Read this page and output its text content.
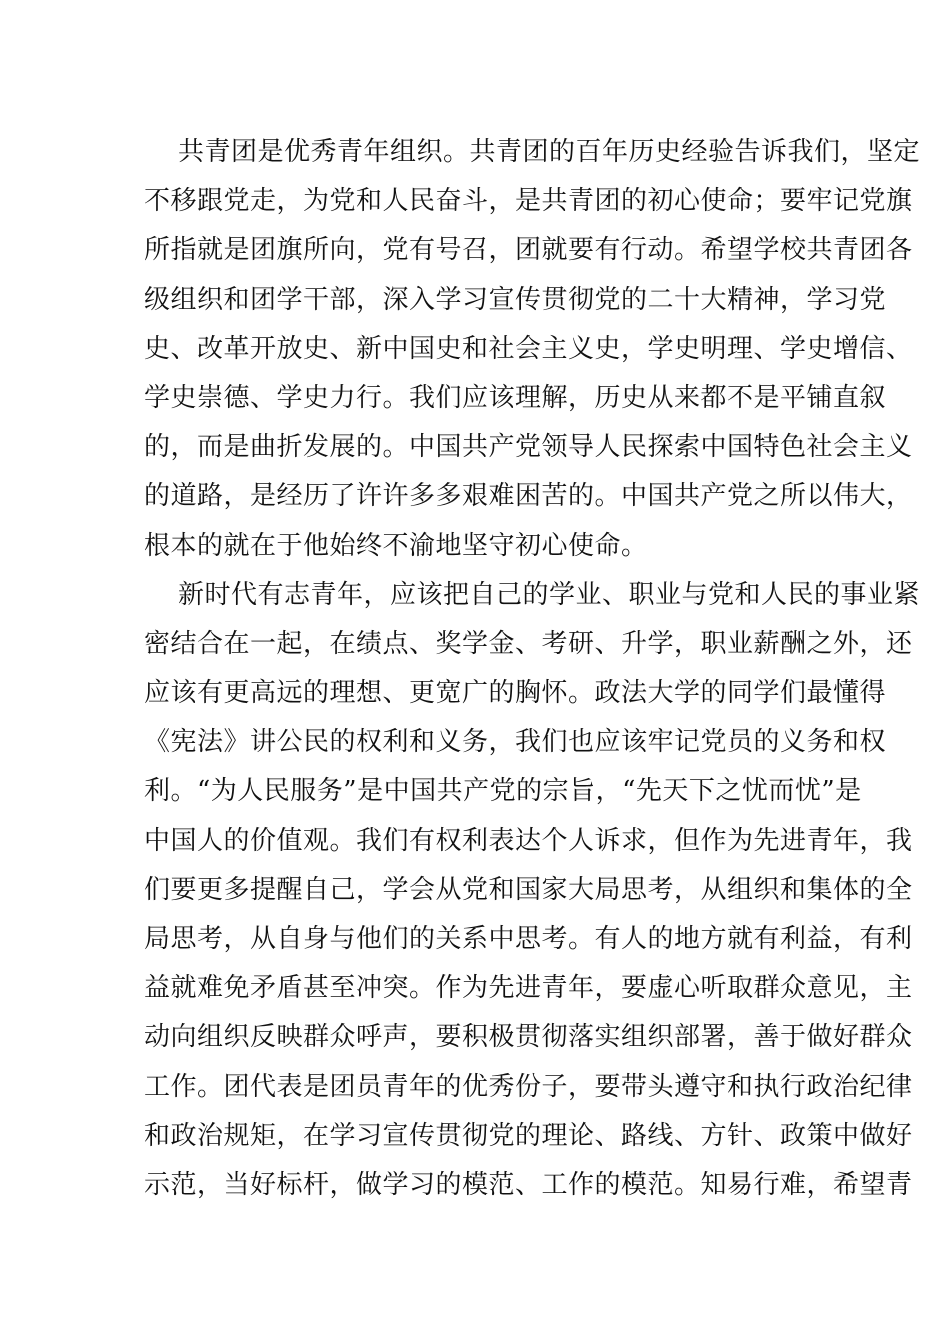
共青团是优秀青年组织。共青团的百年历史经验告诉我们，坚定
不移跟党走，为党和人民奋斗，是共青团的初心使命；要牢记党旗
所指就是团旗所向，党有号召，团就要有行动。希望学校共青团各
级组织和团学干部，深入学习宣传贯彻党的二十大精神，学习党
史、改革开放史、新中国史和社会主义史，学史明理、学史增信、
学史崇德、学史力行。我们应该理解，历史从来都不是平铺直叙
的，而是曲折发展的。中国共产党领导人民探索中国特色社会主义
的道路，是经历了许许多多艰难困苦的。中国共产党之所以伟大，
根本的就在于他始终不渝地坚守初心使命。
新时代有志青年，应该把自己的学业、职业与党和人民的事业紧
密结合在一起，在绩点、奖学金、考研、升学，职业薪酬之外，还
应该有更高远的理想、更宽广的胸怀。政法大学的同学们最懂得
《宪法》讲公民的权利和义务，我们也应该牢记党员的义务和权
利。“为人民服务”是中国共产党的宗旨，“先天下之忧而忧”是
中国人的价值观。我们有权利表达个人诉求，但作为先进青年，我
们要更多提醒自己，学会从党和国家大局思考，从组织和集体的全
局思考，从自身与他们的关系中思考。有人的地方就有利益，有利
益就难免矛盾甚至冲突。作为先进青年，要虚心听取群众意见，主
动向组织反映群众呼声，要积极贯彻落实组织部署，善于做好群众
工作。团代表是团员青年的优秀份子，要带头遵守和执行政治纪律
和政治规矩，在学习宣传贯彻党的理论、路线、方针、政策中做好
示范，当好标杆，做学习的模范、工作的模范。知易行难，希望青
